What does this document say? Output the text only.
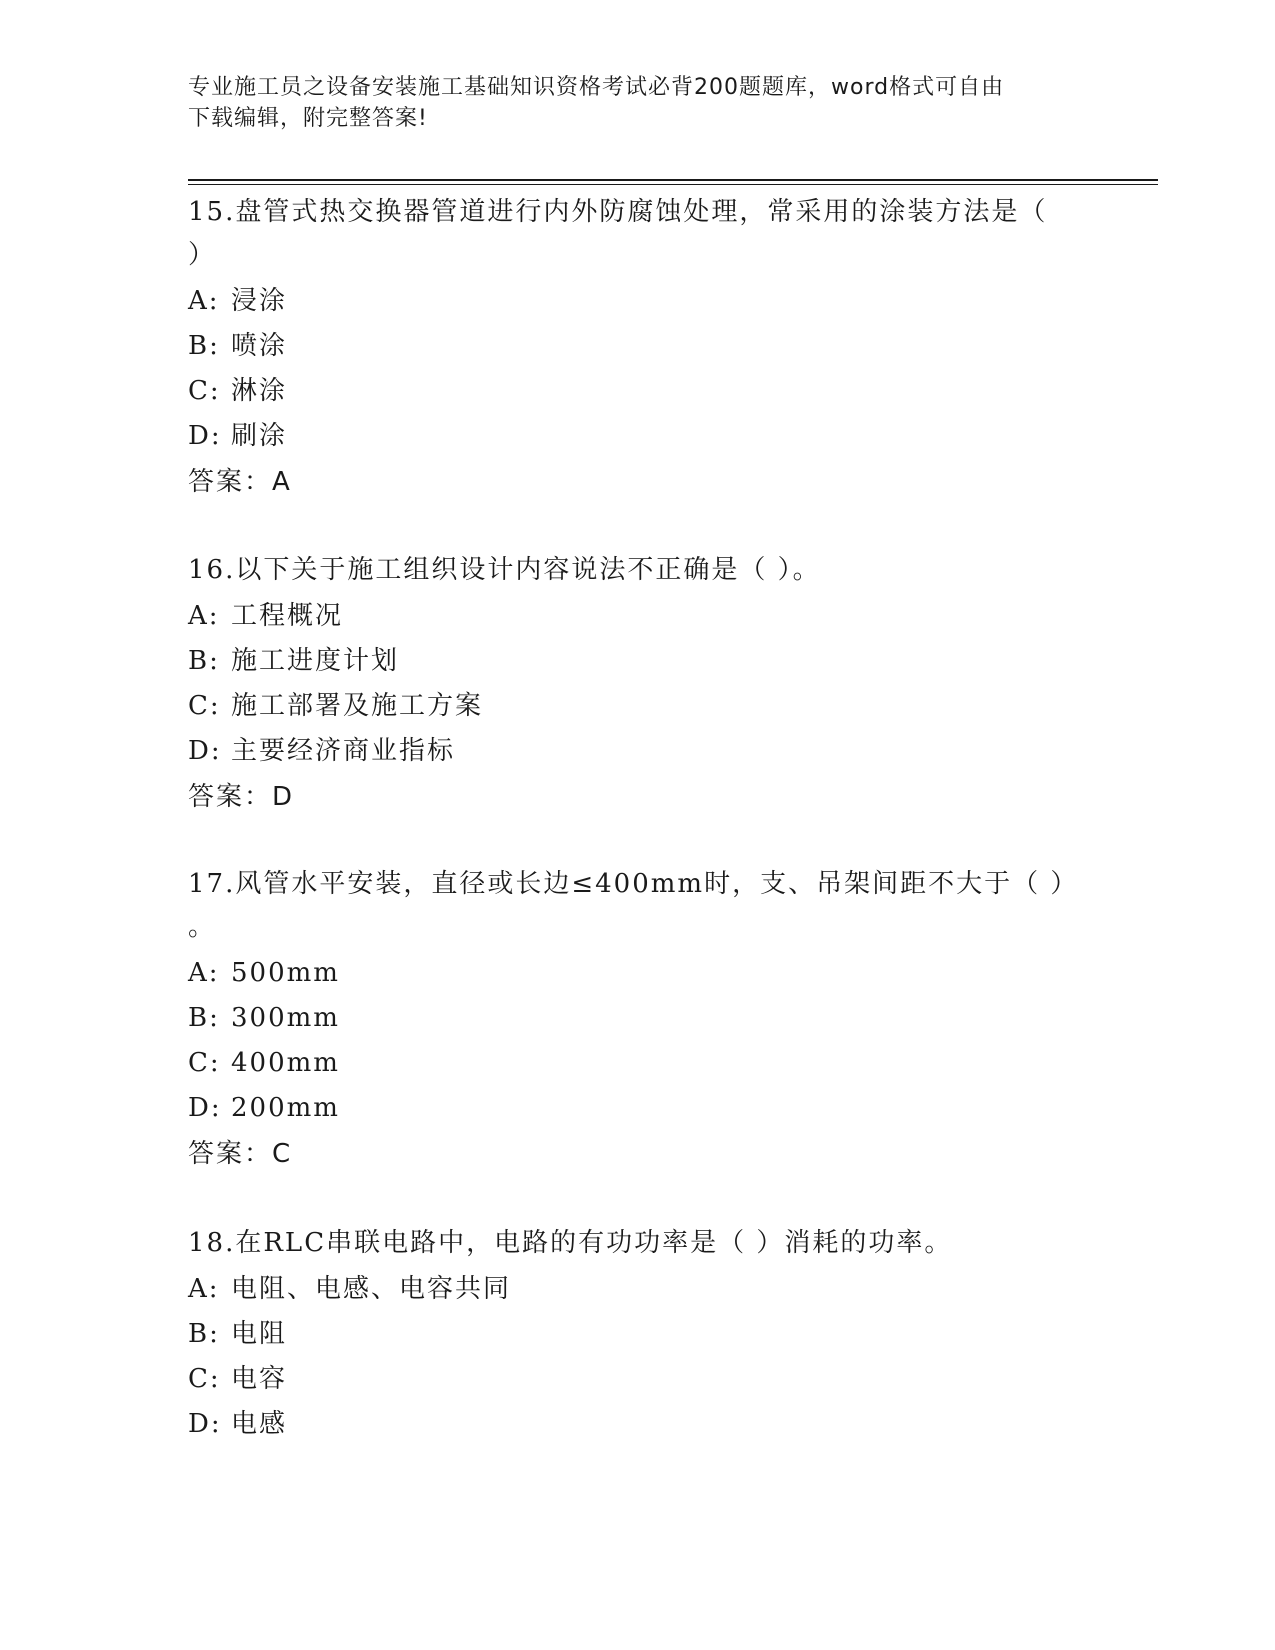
专业施工员之设备安装施工基础知识资格考试必背200题题库，word格式可自由
下载编辑，附完整答案!
15.盘管式热交换器管道进行内外防腐蚀处理，常采用的涂装方法是（
）
A: 浸涂
B: 喷涂
C: 淋涂
D: 刷涂
答案：A
16.以下关于施工组织设计内容说法不正确是（ ）。
A: 工程概况
B: 施工进度计划
C: 施工部署及施工方案
D: 主要经济商业指标
答案：D
17.风管水平安装，直径或长边≤400mm时，支、吊架间距不大于（ ）
。
A: 500mm
B: 300mm
C: 400mm
D: 200mm
答案：C
18.在RLC串联电路中，电路的有功功率是（ ）消耗的功率。
A: 电阻、电感、电容共同
B: 电阻
C: 电容
D: 电感
